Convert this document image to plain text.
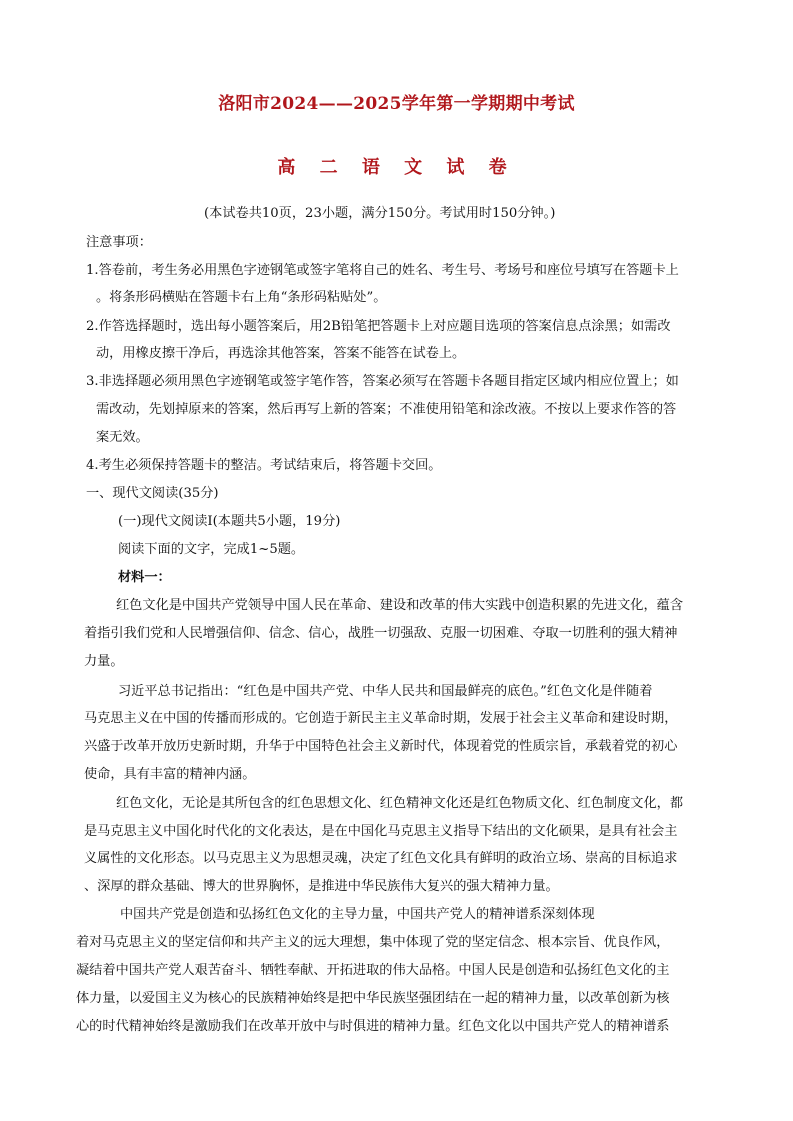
洛阳市2024——2025学年第一学期期中考试
高 二 语 文 试 卷
(本试卷共10页，23小题，满分150分。考试用时150分钟。)
注意事项：
1.答卷前，考生务必用黑色字迹钢笔或签字笔将自己的姓名、考生号、考场号和座位号填写在答题卡上
。将条形码横贴在答题卡右上角“条形码粘贴处”。
2.作答选择题时，选出每小题答案后，用2B铅笔把答题卡上对应题目选项的答案信息点涂黑；如需改
动，用橡皮擦干净后，再选涂其他答案，答案不能答在试卷上。
3.非选择题必须用黑色字迹钢笔或签字笔作答，答案必须写在答题卡各题目指定区域内相应位置上；如
需改动，先划掉原来的答案，然后再写上新的答案；不准使用铅笔和涂改液。不按以上要求作答的答
案无效。
4.考生必须保持答题卡的整洁。考试结束后，将答题卡交回。
一、现代文阅读(35分)
(一)现代文阅读Ⅰ(本题共5小题，19分)
阅读下面的文字，完成1~5题。
材料一：
红色文化是中国共产党领导中国人民在革命、建设和改革的伟大实践中创造积累的先进文化，蕴含
着指引我们党和人民增强信仰、信念、信心，战胜一切强敌、克服一切困难、夺取一切胜利的强大精神
力量。
习近平总书记指出：“红色是中国共产党、中华人民共和国最鲜亮的底色。”红色文化是伴随着
马克思主义在中国的传播而形成的。它创造于新民主主义革命时期，发展于社会主义革命和建设时期，
兴盛于改革开放历史新时期，升华于中国特色社会主义新时代，体现着党的性质宗旨，承载着党的初心
使命，具有丰富的精神内涵。
红色文化，无论是其所包含的红色思想文化、红色精神文化还是红色物质文化、红色制度文化，都
是马克思主义中国化时代化的文化表达，是在中国化马克思主义指导下结出的文化硕果，是具有社会主
义属性的文化形态。以马克思主义为思想灵魂，决定了红色文化具有鲜明的政治立场、崇高的目标追求
、深厚的群众基础、博大的世界胸怀，是推进中华民族伟大复兴的强大精神力量。
中国共产党是创造和弘扬红色文化的主导力量，中国共产党人的精神谱系深刻体现
着对马克思主义的坚定信仰和共产主义的远大理想，集中体现了党的坚定信念、根本宗旨、优良作风，
凝结着中国共产党人艰苦奋斗、牺牲奉献、开拓进取的伟大品格。中国人民是创造和弘扬红色文化的主
体力量，以爱国主义为核心的民族精神始终是把中华民族坚强团结在一起的精神力量，以改革创新为核
心的时代精神始终是激励我们在改革开放中与时俱进的精神力量。红色文化以中国共产党人的精神谱系
